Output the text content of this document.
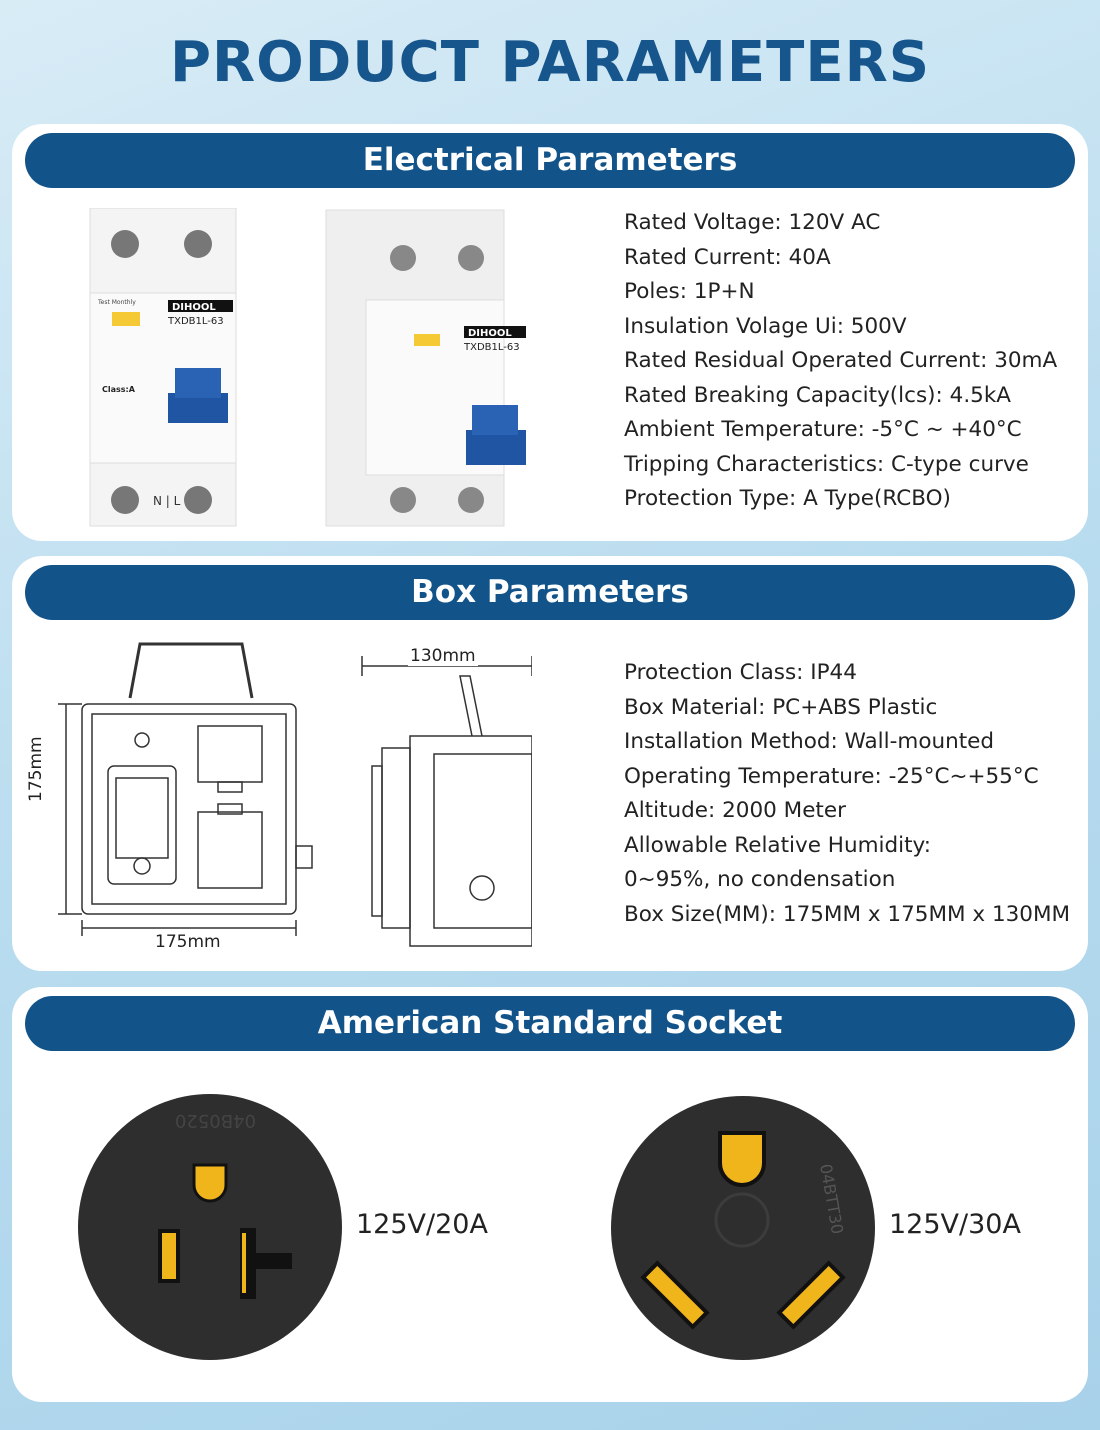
PRODUCT PARAMETERS
Electrical Parameters
N | L
DIHOOL
TXDB1L-63
Test Monthly
Class:A
DIHOOL
TXDB1L-63
Rated Voltage: 120V AC
Rated Current: 40A
Poles: 1P+N
Insulation Volage Ui: 500V
Rated Residual Operated Current: 30mA
Rated Breaking Capacity(lcs): 4.5kA
Ambient Temperature: -5°C ~ +40°C
Tripping Characteristics: C-type curve
Protection Type: A Type(RCBO)
Box Parameters
130mm
175mm
175mm
Protection Class: IP44
Box Material: PC+ABS Plastic
Installation Method: Wall-mounted
Operating Temperature: -25°C~+55°C
Altitude: 2000 Meter
Allowable Relative Humidity:
0~95%, no condensation
Box Size(MM): 175MM x 175MM x 130MM
American Standard Socket
04B0520
125V/20A	04BTT30 125V/30A
